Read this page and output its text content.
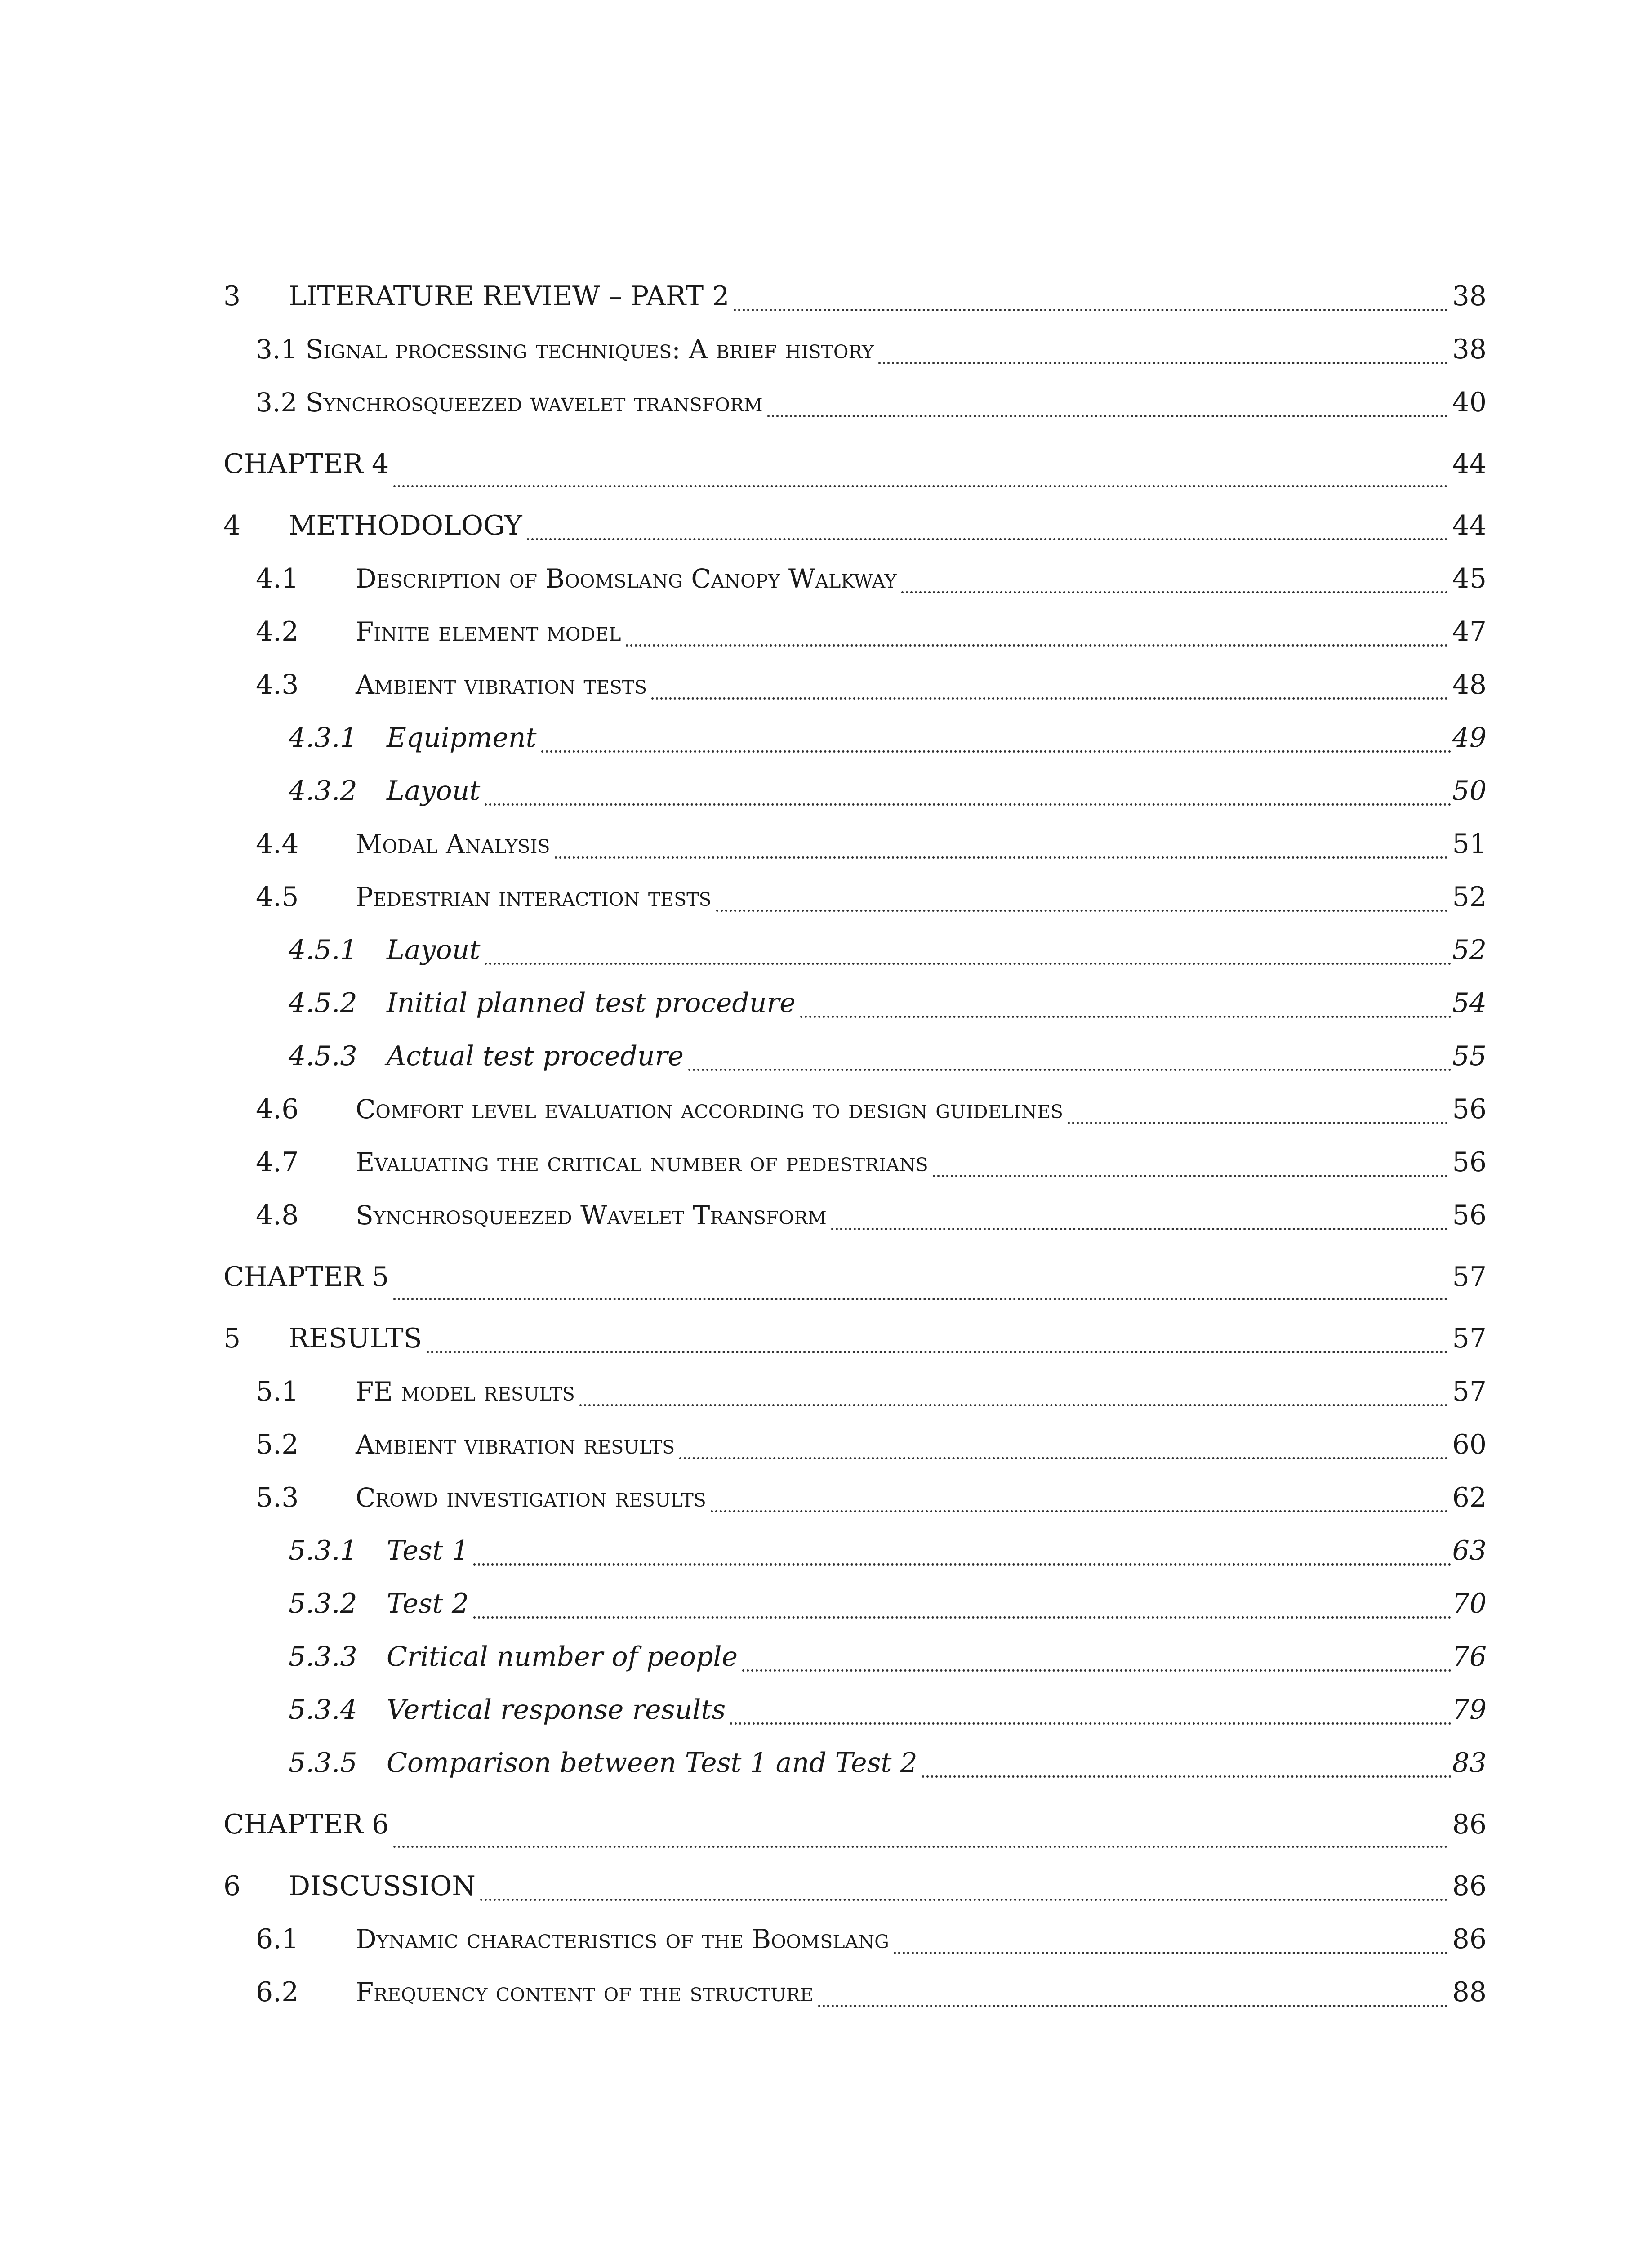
3	LITERATURE REVIEW – PART 2	38
3.1 Signal processing techniques: A brief history	38
3.2 Synchrosqueezed wavelet transform	40
CHAPTER 4	44
4	METHODOLOGY	44
4.1	Description of Boomslang Canopy Walkway	45
4.2	Finite element model	47
4.3	Ambient vibration tests	48
4.3.1	Equipment	49
4.3.2	Layout	50
4.4	Modal Analysis	51
4.5	Pedestrian interaction tests	52
4.5.1	Layout	52
4.5.2	Initial planned test procedure	54
4.5.3	Actual test procedure	55
4.6	Comfort level evaluation according to design guidelines	56
4.7	Evaluating the critical number of pedestrians	56
4.8	Synchrosqueezed Wavelet Transform	56
CHAPTER 5	57
5	RESULTS	57
5.1	FE model results	57
5.2	Ambient vibration results	60
5.3	Crowd investigation results	62
5.3.1	Test 1	63
5.3.2	Test 2	70
5.3.3	Critical number of people	76
5.3.4	Vertical response results	79
5.3.5	Comparison between Test 1 and Test 2	83
CHAPTER 6	86
6	DISCUSSION	86
6.1	Dynamic characteristics of the Boomslang	86
6.2	Frequency content of the structure	88
